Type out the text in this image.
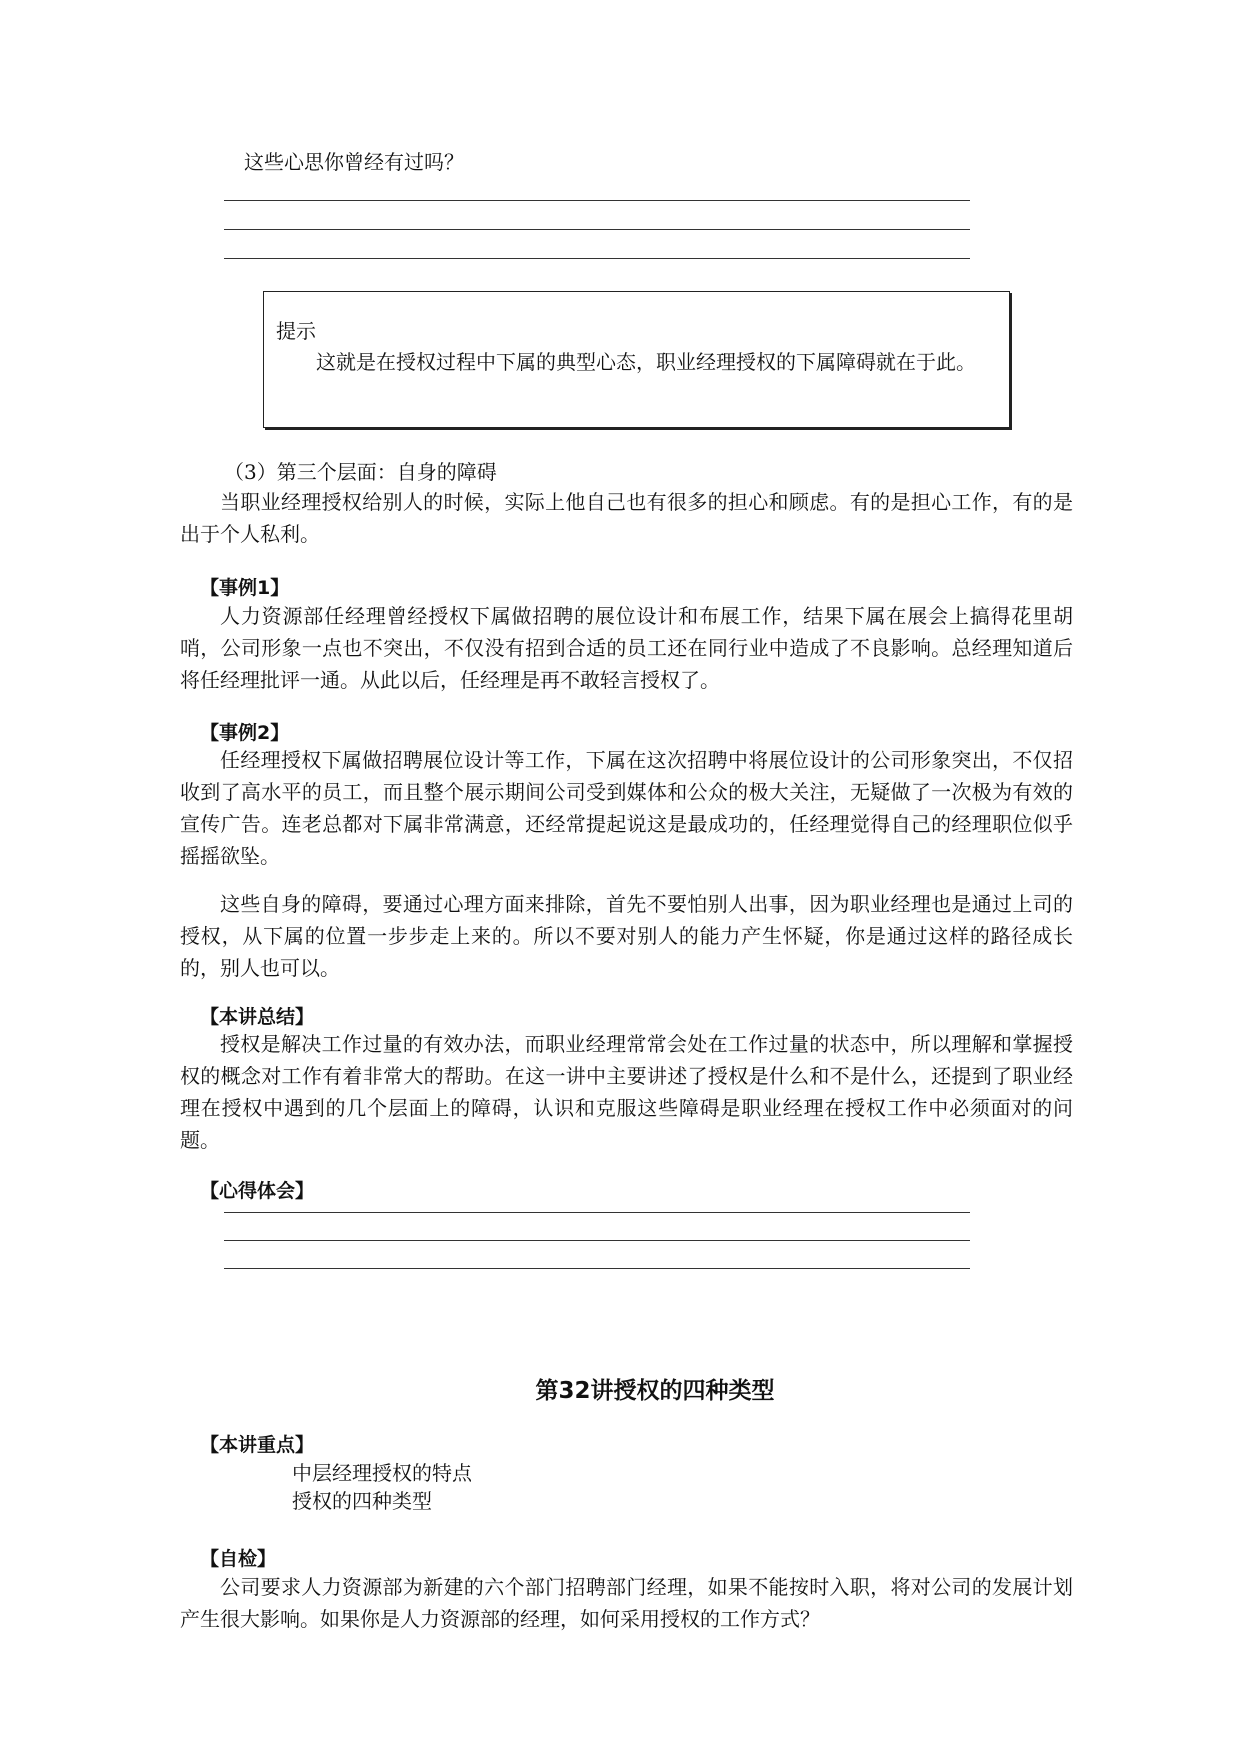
这些心思你曾经有过吗？
提示
这就是在授权过程中下属的典型心态，职业经理授权的下属障碍就在于此。
（3）第三个层面：自身的障碍
当职业经理授权给别人的时候，实际上他自己也有很多的担心和顾虑。有的是担心工作，有的是出于个人私利。
【事例1】
人力资源部任经理曾经授权下属做招聘的展位设计和布展工作，结果下属在展会上搞得花里胡哨，公司形象一点也不突出，不仅没有招到合适的员工还在同行业中造成了不良影响。总经理知道后将任经理批评一通。从此以后，任经理是再不敢轻言授权了。
【事例2】
任经理授权下属做招聘展位设计等工作，下属在这次招聘中将展位设计的公司形象突出，不仅招收到了高水平的员工，而且整个展示期间公司受到媒体和公众的极大关注，无疑做了一次极为有效的宣传广告。连老总都对下属非常满意，还经常提起说这是最成功的，任经理觉得自己的经理职位似乎摇摇欲坠。
这些自身的障碍，要通过心理方面来排除，首先不要怕别人出事，因为职业经理也是通过上司的授权，从下属的位置一步步走上来的。所以不要对别人的能力产生怀疑，你是通过这样的路径成长的，别人也可以。
【本讲总结】
授权是解决工作过量的有效办法，而职业经理常常会处在工作过量的状态中，所以理解和掌握授权的概念对工作有着非常大的帮助。在这一讲中主要讲述了授权是什么和不是什么，还提到了职业经理在授权中遇到的几个层面上的障碍，认识和克服这些障碍是职业经理在授权工作中必须面对的问题。
【心得体会】
第32讲授权的四种类型
【本讲重点】
中层经理授权的特点
授权的四种类型
【自检】
公司要求人力资源部为新建的六个部门招聘部门经理，如果不能按时入职，将对公司的发展计划产生很大影响。如果你是人力资源部的经理，如何采用授权的工作方式？
